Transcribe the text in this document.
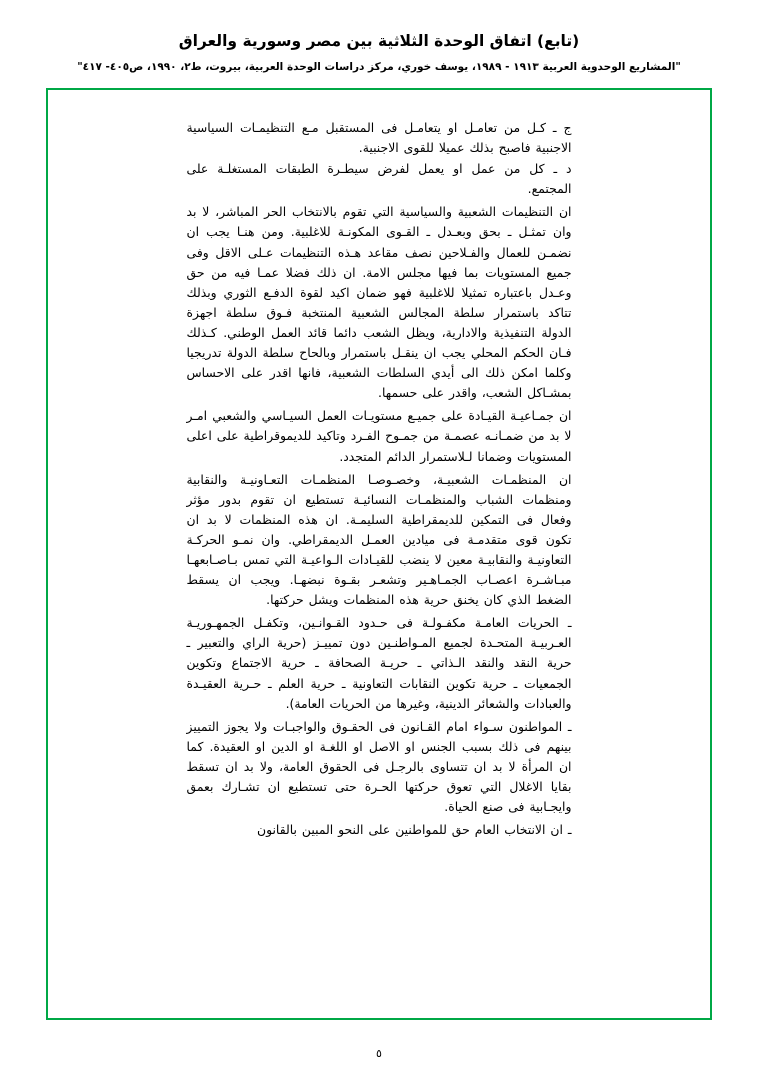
(تابع) اتفاق الوحدة الثلاثية بين مصر وسورية والعراق
"المشاريع الوحدوية العربية ١٩١٣ - ١٩٨٩، يوسف خوري، مركز دراسات الوحدة العربية، بيروت، ط٢، ١٩٩٠، ص٤٠٥- ٤١٧"

ج ـ كـل من تعامـل او يتعامـل فى المستقبل مـع التنظيمـات السياسية الاجنبية فاصبح بذلك عميلا للقوى الاجنبية.

د ـ كل من عمل او يعمل لفرض سيطـرة الطبقات المستغلـة على المجتمع.

ان التنظيمات الشعبية والسياسية التي تقوم بالانتخاب الحر المباشر، لا بد وان تمثـل ـ بحق وبعـدل ـ القـوى المكونـة للاغلبية. ومن هنـا يجب ان نضمـن للعمال والفـلاحين نصف مقاعد هـذه التنظيمات عـلى الاقل وفى جميع المستويات بما فيها مجلس الامة. ان ذلك فضلا عمـا فيه من حق وعـدل باعتباره تمثيلا للاغلبية فهو ضمان اكيد لقوة الدفـع الثوري وبذلك تتاكد باستمرار سلطة المجالس الشعبية المنتخبة فـوق سلطة اجهزة الدولة التنفيذية والادارية، ويظل الشعب دائما قائد العمل الوطني. كـذلك فـان الحكم المحلي يجب ان ينقـل باستمرار وبالحاح سلطة الدولة تدريجيا وكلما امكن ذلك الى أيدي السلطات الشعبية، فانها اقدر على الاحساس بمشـاكل الشعب، واقدر على حسمها.

ان جمـاعيـة القيـادة على جميـع مستويـات العمل السيـاسي والشعبي امـر لا بد من ضمـانـه عصمـة من جمـوح الفـرد وتاكيد للديموقراطية على اعلى المستويات وضمانا لـلاستمرار الدائم المتجدد.

ان المنظمـات الشعبيـة، وخصـوصـا المنظمـات التعـاونيـة والنقابية ومنظمات الشباب والمنظمـات النسائيـة تستطيع ان تقوم بدور مؤثر وفعال فى التمكين للديمقراطية السليمـة. ان هذه المنظمات لا بد ان تكون قوى متقدمـة فى ميادين العمـل الديمقراطي. وان نمـو الحركـة التعاونيـة والنقابيـة معين لا ينضب للقيـادات الـواعيـة التي تمس بـاصـابعهـا مبـاشـرة اعصـاب الجمـاهـير وتشعـر بقـوة نبضهـا. ويجب ان يسقط الضغط الذي كان يخنق حرية هذه المنظمات ويشل حركتها.

ـ الحريات العامـة مكفـولـة فى حـدود القـوانـين، وتكفـل الجمهـوريـة العـربيـة المتحـدة لجميع المـواطنـين دون تمييـز (حرية الراي والتعبير ـ حرية النقد والنقد الـذاتي ـ حريـة الصحافة ـ حرية الاجتماع وتكوين الجمعيات ـ حرية تكوين النقابات التعاونية ـ حرية العلم ـ حـرية العقيـدة والعبادات والشعائر الدينية، وغيرها من الحريات العامة).

ـ المواطنون سـواء امام القـانون فى الحقـوق والواجبـات ولا يجوز التمييز بينهم فى ذلك بسبب الجنس او الاصل او اللغـة او الدين او العقيدة. كما ان المرأة لا بد ان تتساوى بالرجـل فى الحقوق العامة، ولا بد ان تسقط بقايا الاغلال التي تعوق حركتها الحـرة حتى تستطيع ان تشـارك بعمق وايجـابية فى صنع الحياة.

ـ ان الانتخاب العام حق للمواطنين على النحو المبين بالقانون

٥
